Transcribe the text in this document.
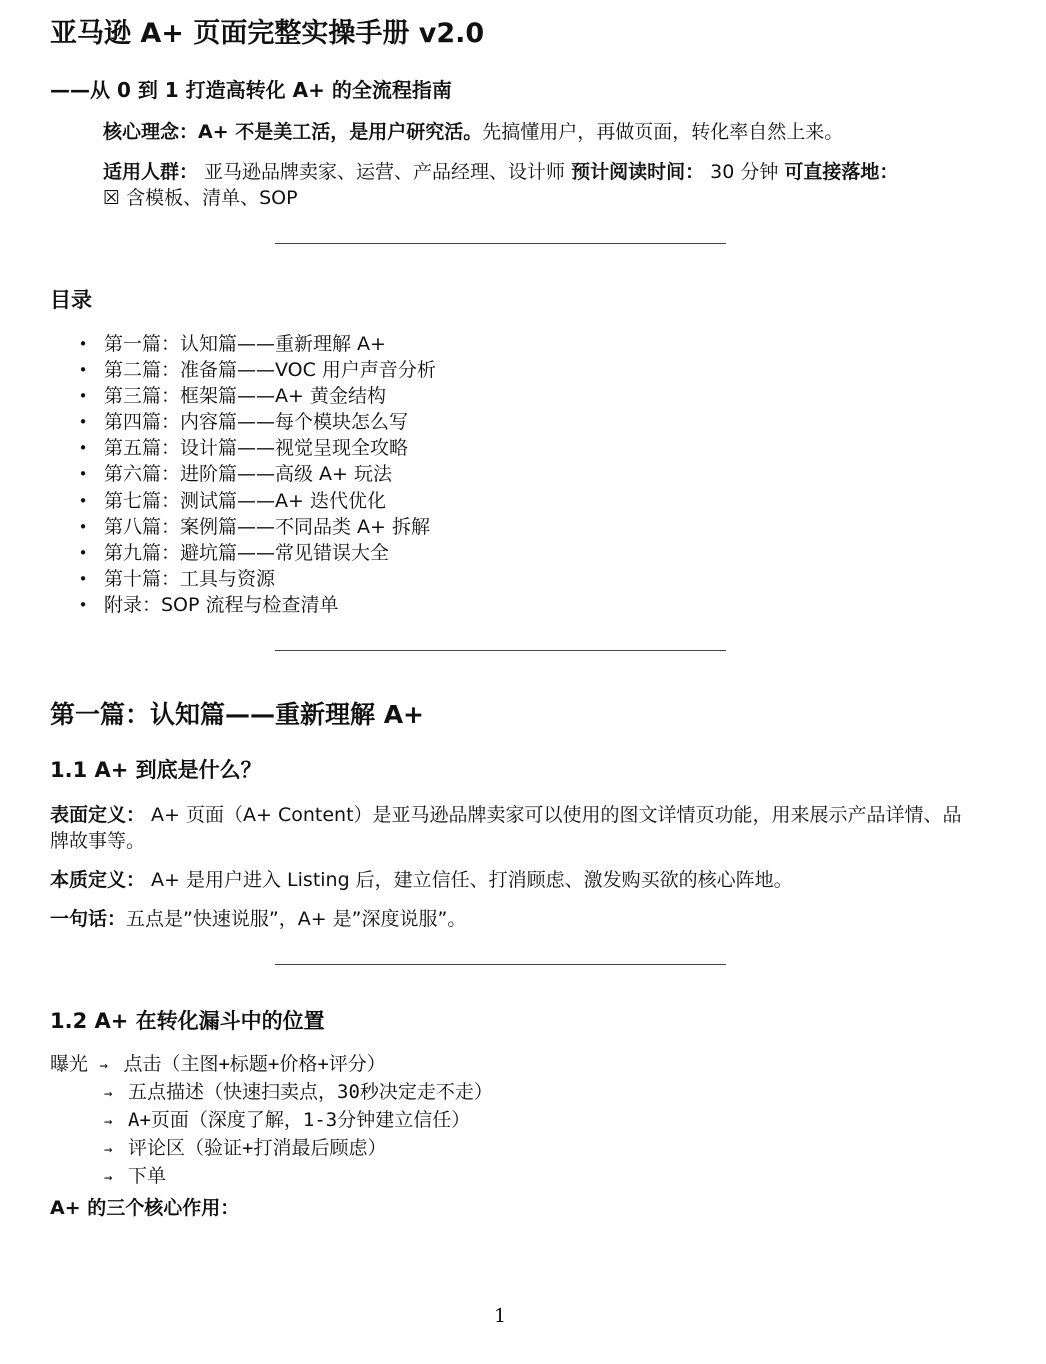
亚马逊 A+ 页面完整实操手册 v2.0
——从 0 到 1 打造高转化 A+ 的全流程指南
核心理念：A+ 不是美工活，是用户研究活。先搞懂用户，再做页面，转化率自然上来。
适用人群： 亚马逊品牌卖家、运营、产品经理、设计师 预计阅读时间： 30 分钟 可直接落地： ☒ 含模板、清单、SOP
目录
• 第一篇：认知篇——重新理解 A+
• 第二篇：准备篇——VOC 用户声音分析
• 第三篇：框架篇——A+ 黄金结构
• 第四篇：内容篇——每个模块怎么写
• 第五篇：设计篇——视觉呈现全攻略
• 第六篇：进阶篇——高级 A+ 玩法
• 第七篇：测试篇——A+ 迭代优化
• 第八篇：案例篇——不同品类 A+ 拆解
• 第九篇：避坑篇——常见错误大全
• 第十篇：工具与资源
• 附录：SOP 流程与检查清单
第一篇：认知篇——重新理解 A+
1.1 A+ 到底是什么？

表面定义： A+ 页面（A+ Content）是亚马逊品牌卖家可以使用的图文详情页功能，用来展示产品详情、品牌故事等。

本质定义： A+ 是用户进入 Listing 后，建立信任、打消顾虑、激发购买欲的核心阵地。

一句话：五点是”快速说服”，A+ 是”深度说服”。

1.2 A+ 在转化漏斗中的位置
曝光 → 点击（主图+标题+价格+评分）
→ 五点描述（快速扫卖点，30秒决定走不走）
→ A+页面（深度了解，1-3分钟建立信任）
→ 评论区（验证+打消最后顾虑）
→ 下单

A+ 的三个核心作用：

1
